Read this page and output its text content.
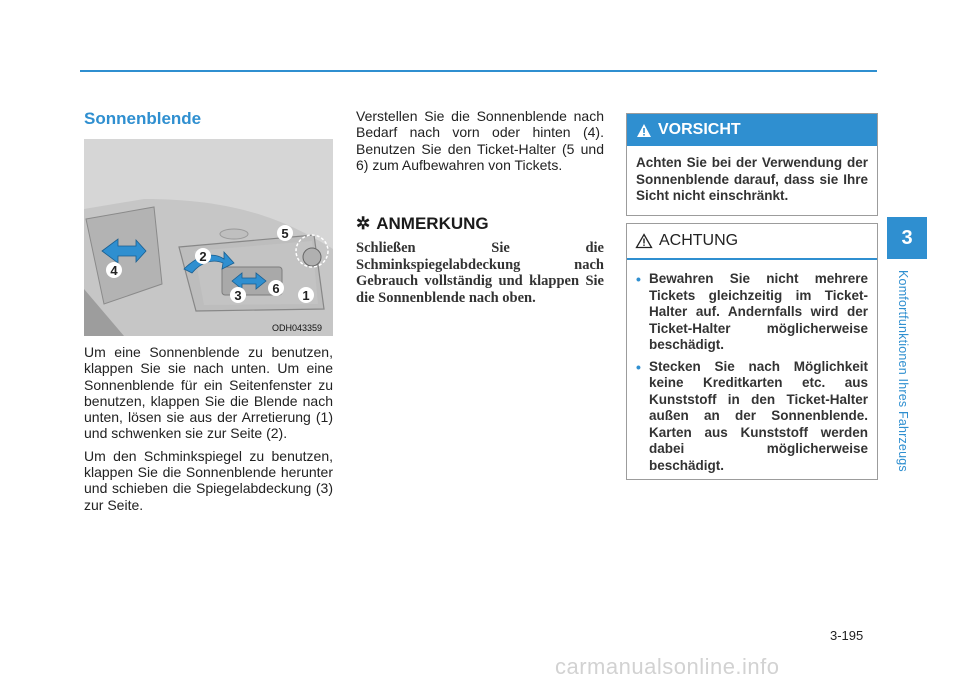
Sonnenblende
1
2
3
4
5
6
ODH043359

Um eine Sonnenblende zu benutzen, klappen Sie sie nach unten. Um eine Sonnenblende für ein Seitenfenster zu benutzen, klappen Sie die Blende nach unten, lösen sie aus der Arretierung (1) und schwenken sie zur Seite (2).

Um den Schminkspiegel zu benutzen, klappen Sie die Sonnenblende herunter und schieben die Spiegelabdeckung (3) zur Seite.

Verstellen Sie die Sonnenblende nach Bedarf nach vorn oder hinten (4). Benutzen Sie den Ticket-Halter (5 und 6) zum Aufbewahren von Tickets.

✲ ANMERKUNG
Schließen Sie die Schminkspiegelabdeckung nach Gebrauch vollständig und klappen Sie die Sonnenblende nach oben.
VORSICHT
Achten Sie bei der Verwendung der Sonnenblende darauf, dass sie Ihre Sicht nicht einschränkt.
ACHTUNG
• Bewahren Sie nicht mehrere Tickets gleichzeitig im Ticket-Halter auf. Andernfalls wird der Ticket-Halter möglicherweise beschädigt.
• Stecken Sie nach Möglichkeit keine Kreditkarten etc. aus Kunststoff in den Ticket-Halter außen an der Sonnenblende. Karten aus Kunststoff werden dabei möglicherweise beschädigt.
3
Komfortfunktionen Ihres Fahrzeugs
3-195
carmanualsonline.info
